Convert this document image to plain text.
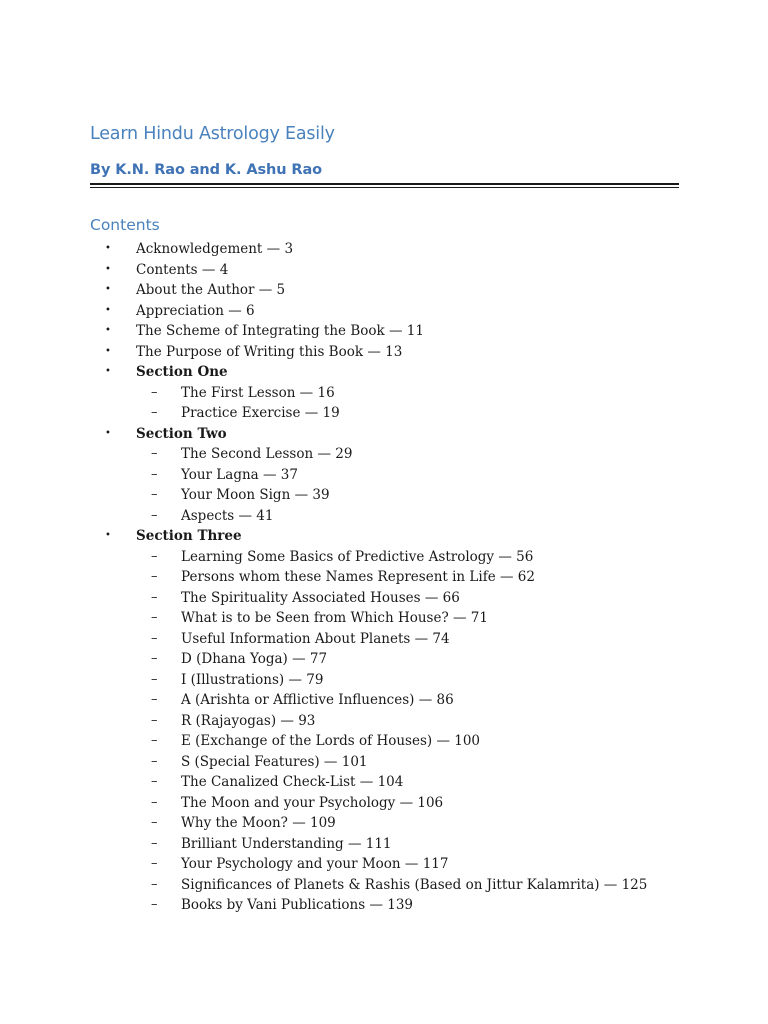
Learn Hindu Astrology Easily
By K.N. Rao and K. Ashu Rao
Contents
• Acknowledgement — 3
• Contents — 4
• About the Author — 5
• Appreciation — 6
• The Scheme of Integrating the Book — 11
• The Purpose of Writing this Book — 13
• Section One
– The First Lesson — 16
– Practice Exercise — 19
• Section Two
– The Second Lesson — 29
– Your Lagna — 37
– Your Moon Sign — 39
– Aspects — 41
• Section Three
– Learning Some Basics of Predictive Astrology — 56
– Persons whom these Names Represent in Life — 62
– The Spirituality Associated Houses — 66
– What is to be Seen from Which House? — 71
– Useful Information About Planets — 74
– D (Dhana Yoga) — 77
– I (Illustrations) — 79
– A (Arishta or Afflictive Influences) — 86
– R (Rajayogas) — 93
– E (Exchange of the Lords of Houses) — 100
– S (Special Features) — 101
– The Canalized Check-List — 104
– The Moon and your Psychology — 106
– Why the Moon? — 109
– Brilliant Understanding — 111
– Your Psychology and your Moon — 117
– Significances of Planets & Rashis (Based on Jittur Kalamrita) — 125
– Books by Vani Publications — 139
